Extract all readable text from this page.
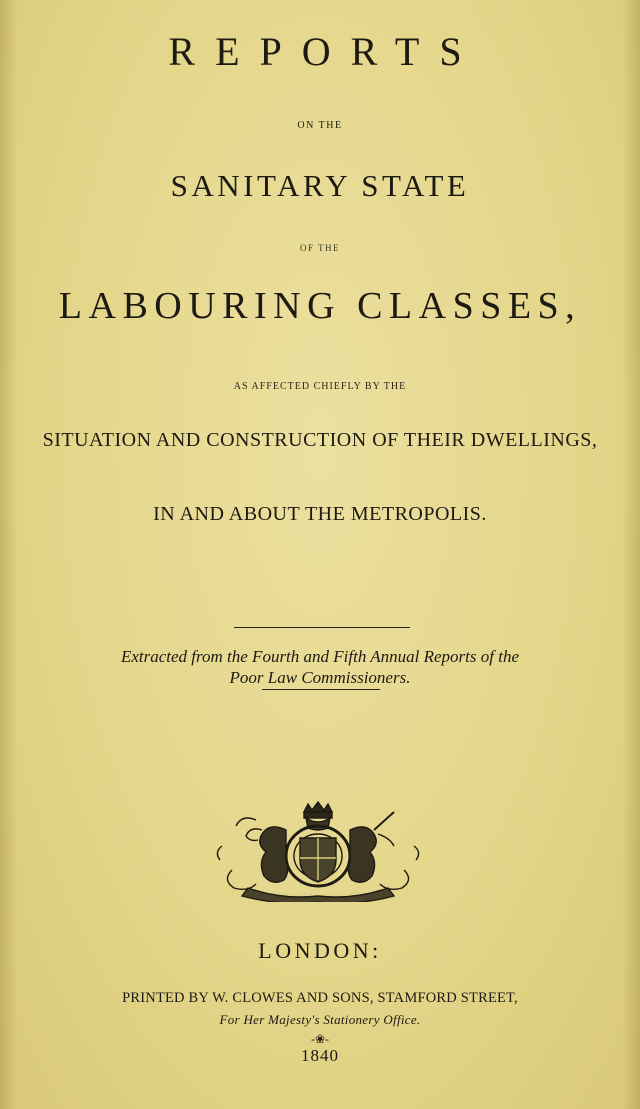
REPORTS
ON THE
SANITARY STATE
OF THE
LABOURING CLASSES,
AS AFFECTED CHIEFLY BY THE
SITUATION AND CONSTRUCTION OF THEIR DWELLINGS,
IN AND ABOUT THE METROPOLIS.
Extracted from the Fourth and Fifth Annual Reports of the
Poor Law Commissioners.
LONDON:
PRINTED BY W. CLOWES AND SONS, STAMFORD STREET,
For Her Majesty's Stationery Office.
-❀-
1840
